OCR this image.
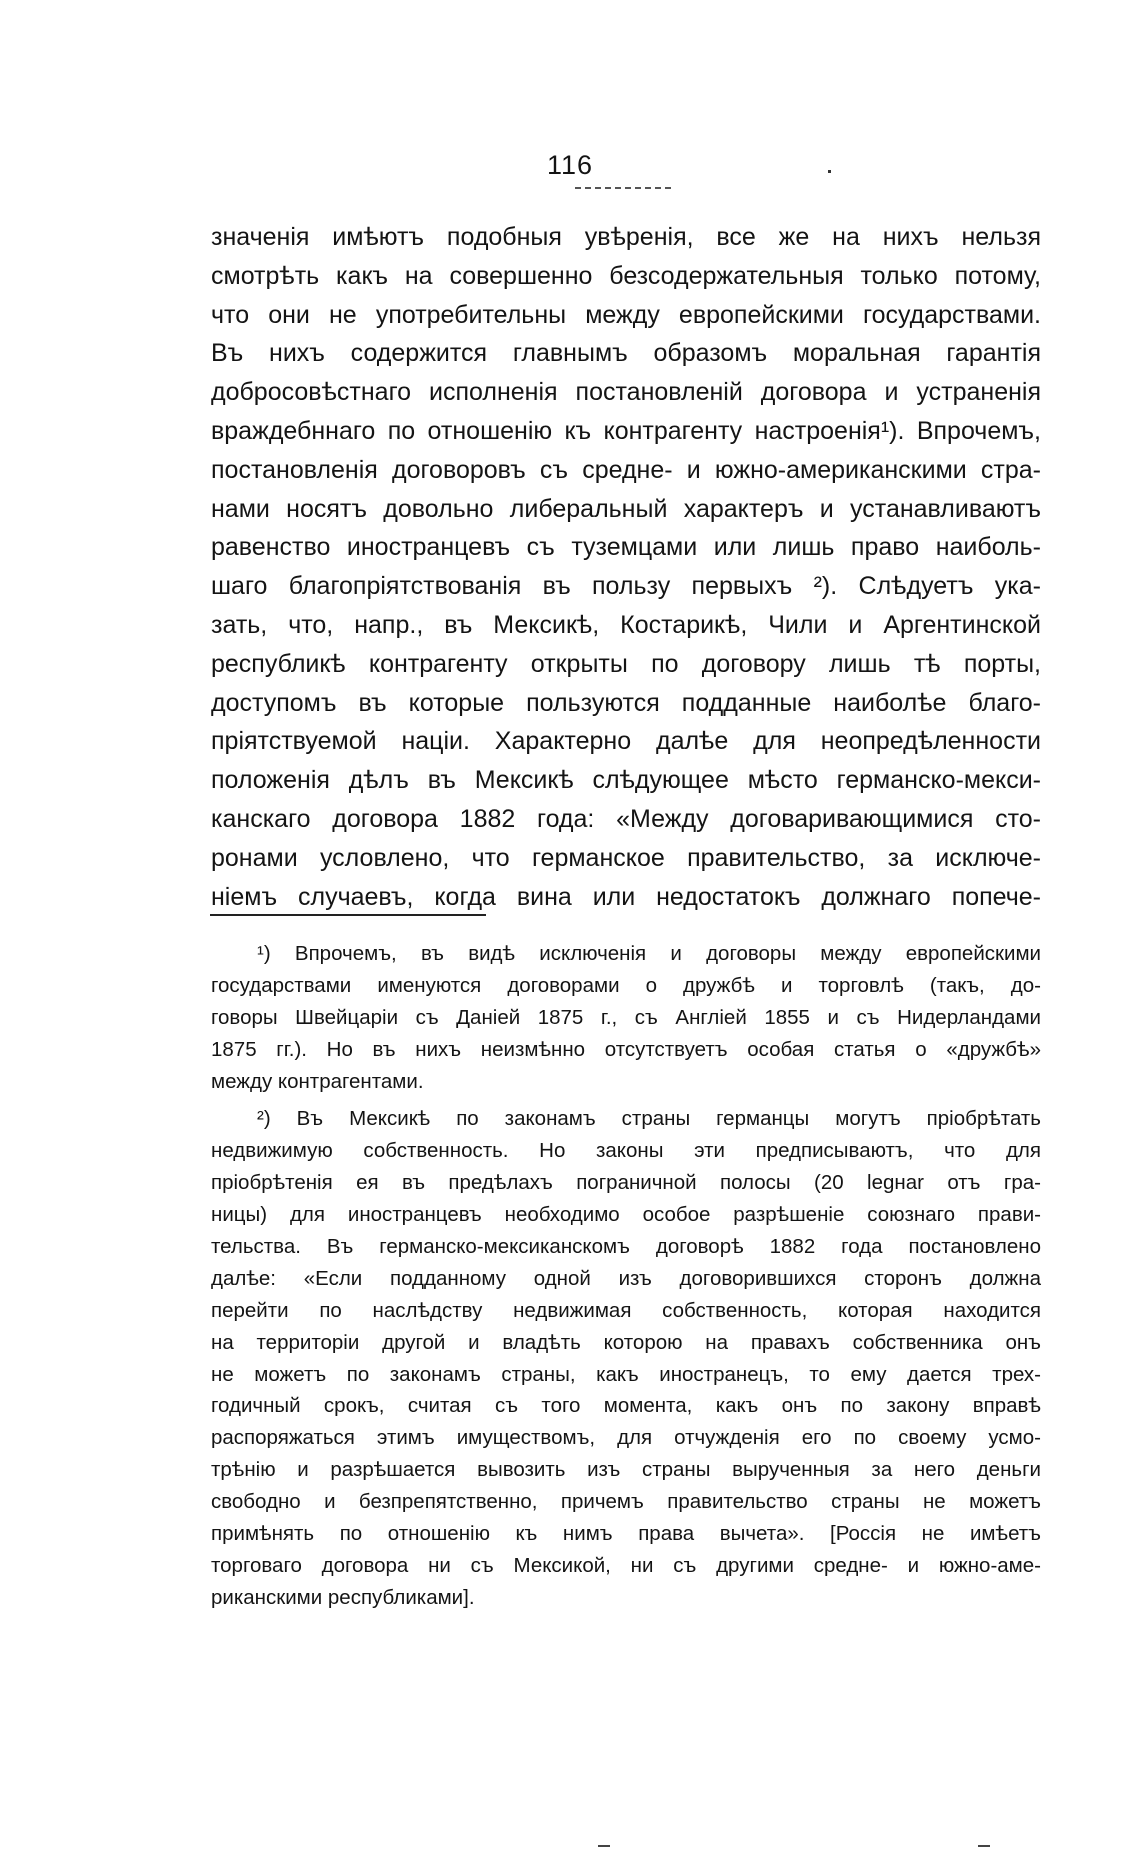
116
значенія имѣютъ подобныя увѣренія, все же на нихъ нельзя
смотрѣть какъ на совершенно безсодержательныя только потому,
что они не употребительны между европейскими государствами.
Въ нихъ содержится главнымъ образомъ моральная гарантія
добросовѣстнаго исполненія постановленій договора и устраненія
враждебннаго по отношенію къ контрагенту настроенія¹). Впрочемъ,
постановленія договоровъ съ средне- и южно-американскими стра-
нами носятъ довольно либеральный характеръ и устанавливаютъ
равенство иностранцевъ съ туземцами или лишь право наиболь-
шаго благопріятствованія въ пользу первыхъ ²). Слѣдуетъ ука-
зать, что, напр., въ Мексикѣ, Костарикѣ, Чили и Аргентинской
республикѣ контрагенту открыты по договору лишь тѣ порты,
доступомъ въ которые пользуются подданные наиболѣе благо-
пріятствуемой націи. Характерно далѣе для неопредѣленности
положенія дѣлъ въ Мексикѣ слѣдующее мѣсто германско-мекси-
канскаго договора 1882 года: «Между договаривающимися сто-
ронами условлено, что германское правительство, за исключе-
ніемъ случаевъ, когда вина или недостатокъ должнаго попече-
¹) Впрочемъ, въ видѣ исключенія и договоры между европейскими
государствами именуются договорами о дружбѣ и торговлѣ (такъ, до-
говоры Швейцаріи съ Даніей 1875 г., съ Англіей 1855 и съ Нидерландами
1875 гг.). Но въ нихъ неизмѣнно отсутствуетъ особая статья о «дружбѣ»
между контрагентами.
²) Въ Мексикѣ по законамъ страны германцы могутъ пріобрѣтать
недвижимую собственность. Но законы эти предписываютъ, что для
пріобрѣтенія ея въ предѣлахъ пограничной полосы (20 legнar отъ гра-
ницы) для иностранцевъ необходимо особое разрѣшеніе союзнаго прави-
тельства. Въ германско-мексиканскомъ договорѣ 1882 года постановлено
далѣе: «Если подданному одной изъ договорившихся сторонъ должна
перейти по наслѣдству недвижимая собственность, которая находится
на территоріи другой и владѣть которою на правахъ собственника онъ
не можетъ по законамъ страны, какъ иностранецъ, то ему дается трех-
годичный срокъ, считая съ того момента, какъ онъ по закону вправѣ
распоряжаться этимъ имуществомъ, для отчужденія его по своему усмо-
трѣнію и разрѣшается вывозить изъ страны вырученныя за него деньги
свободно и безпрепятственно, причемъ правительство страны не можетъ
примѣнять по отношенію къ нимъ права вычета». [Россія не имѣетъ
торговаго договора ни съ Мексикой, ни съ другими средне- и южно-аме-
риканскими республиками].
